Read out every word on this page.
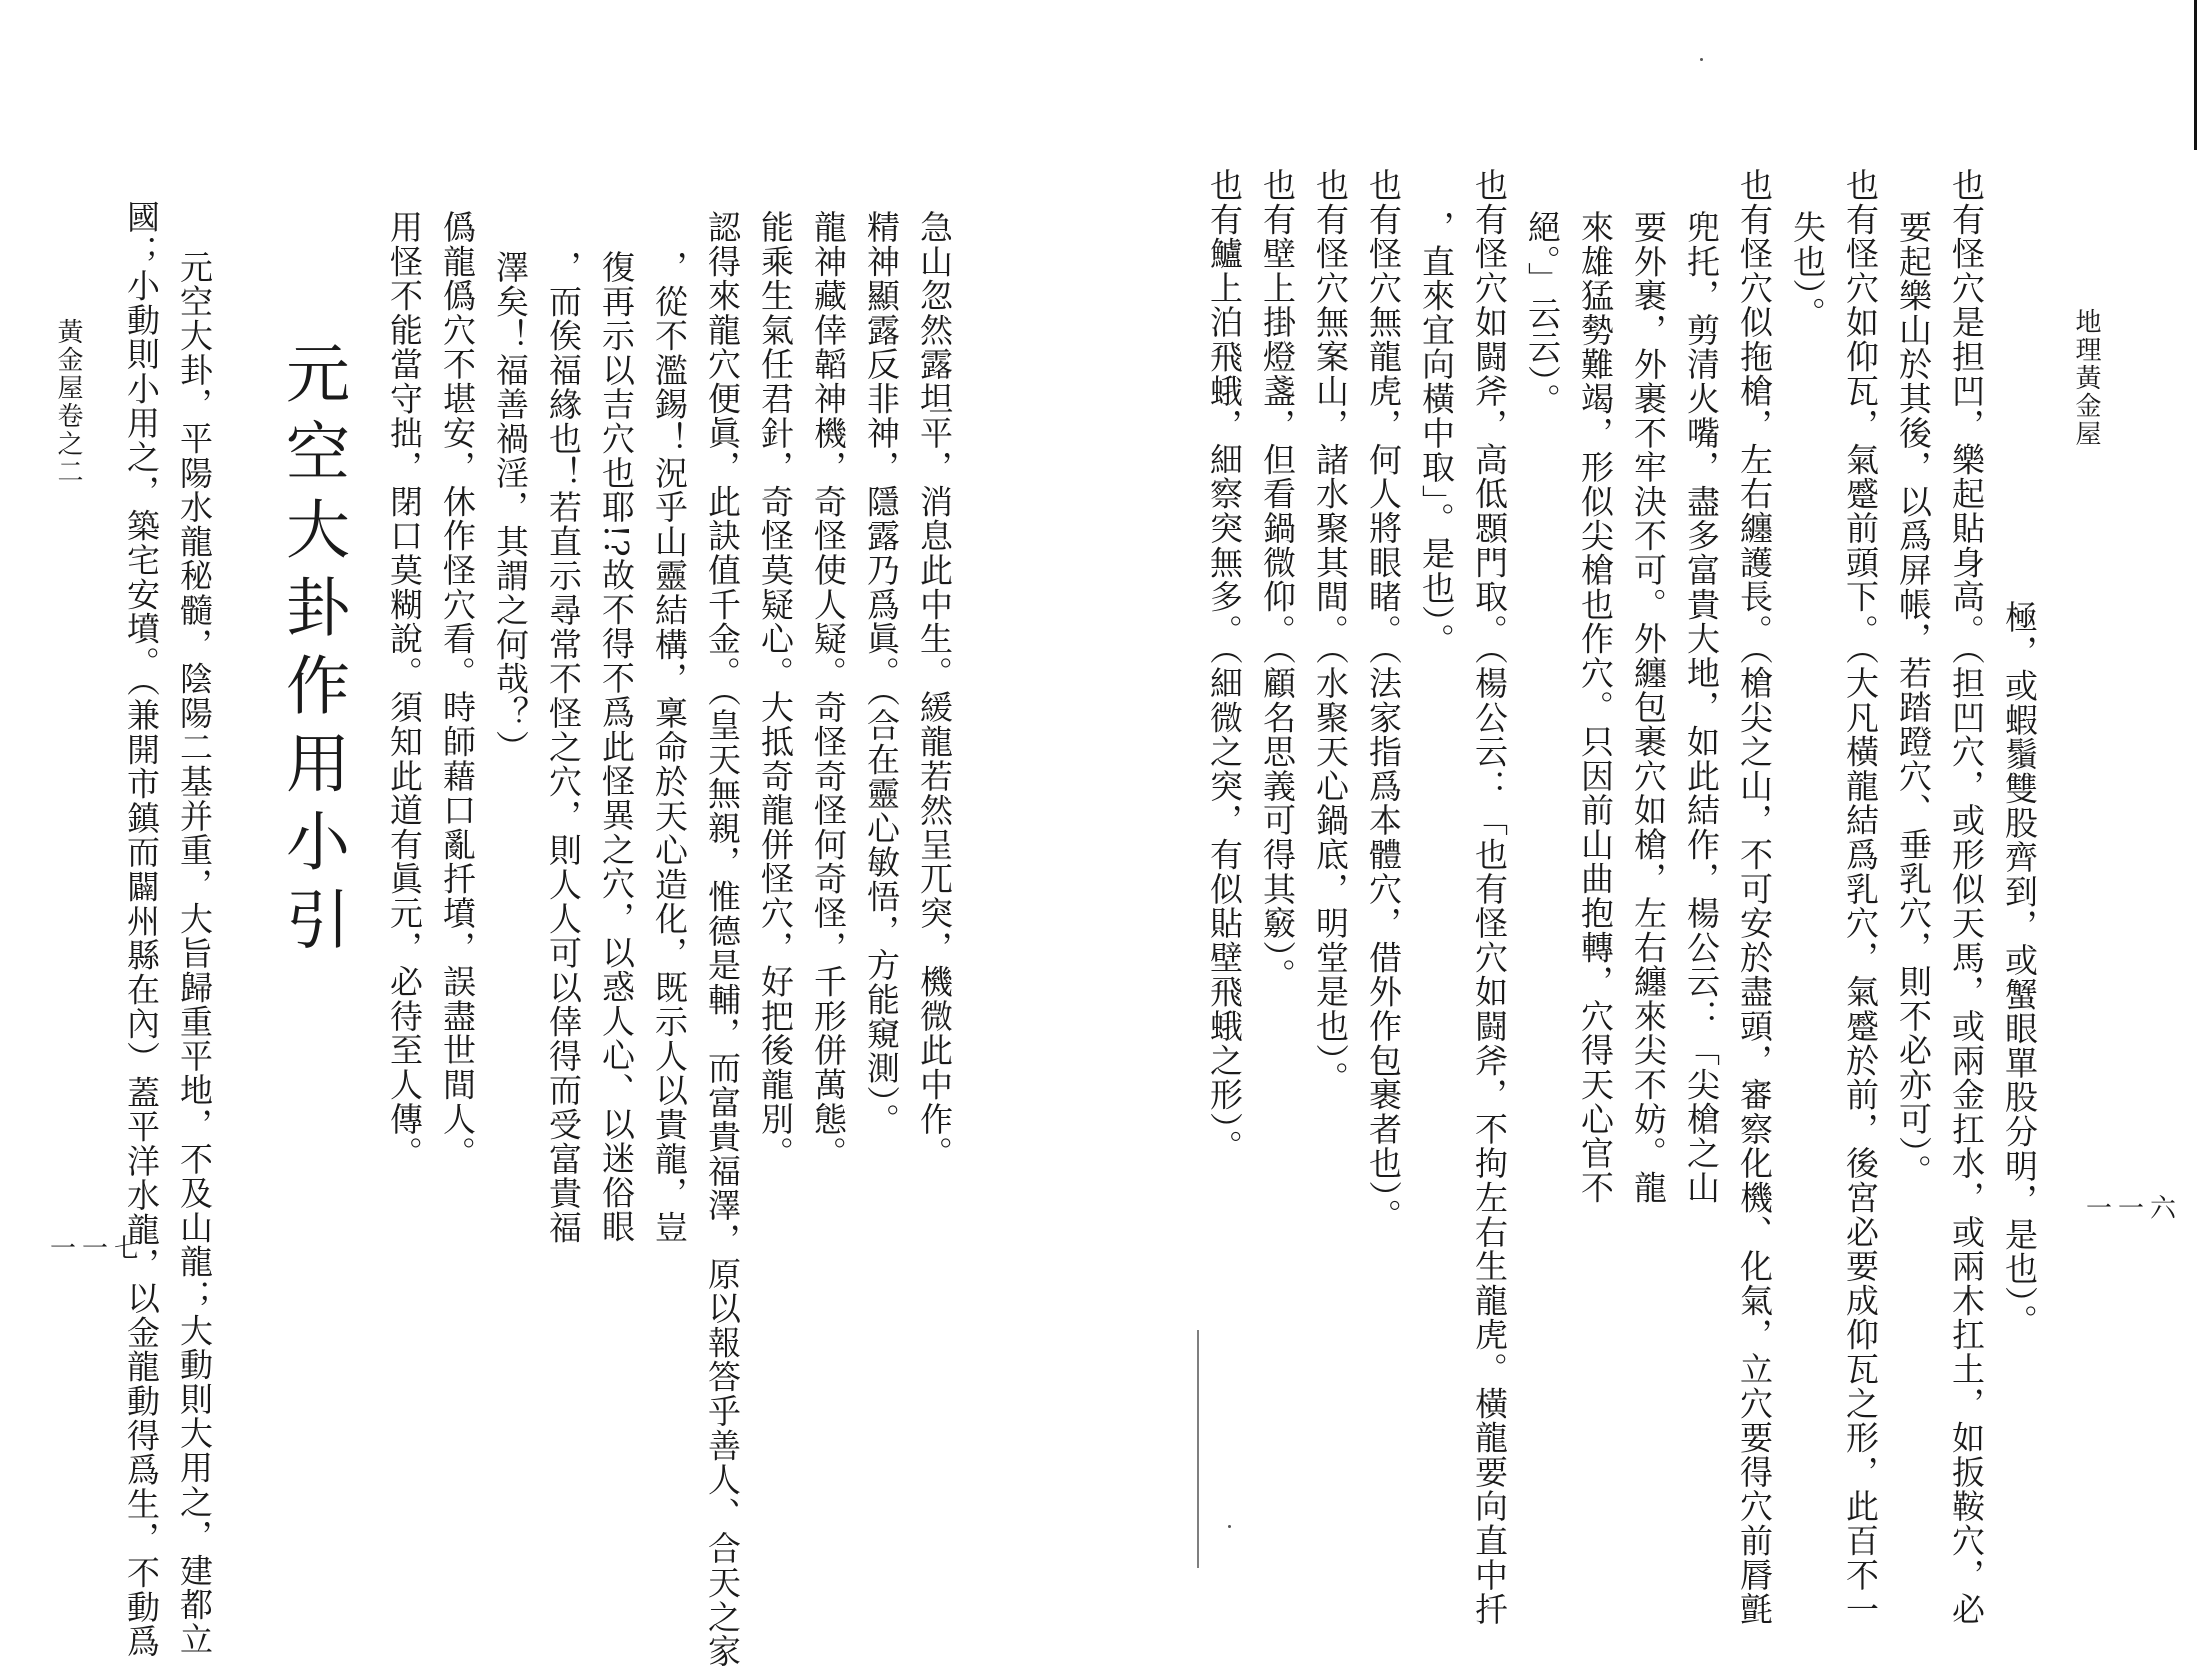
地理黃金屋
一一六
極，或蝦鬚雙股齊到，或蟹眼單股分明，是也）。
也有怪穴是担凹，樂起貼身高。（担凹穴，或形似天馬，或兩金扛水，或兩木扛土，如扳鞍穴，必
要起樂山於其後，以爲屏帳，若踏蹬穴、垂乳穴，則不必亦可）。
也有怪穴如仰瓦，氣蹙前頭下。（大凡橫龍結爲乳穴，氣蹙於前，後宮必要成仰瓦之形，此百不一
失也）。
也有怪穴似拖槍，左右纏護長。（槍尖之山，不可安於盡頭，審察化機、化氣，立穴要得穴前脣氈
兜托，剪清火嘴，盡多富貴大地，如此結作，楊公云：「尖槍之山
要外裹，外裹不牢決不可。外纏包裹穴如槍，左右纏來尖不妨。龍
來雄猛勢難竭，形似尖槍也作穴。只因前山曲抱轉，穴得天心官不
絕。」云云）。
也有怪穴如闘斧，高低顋門取。（楊公云：「也有怪穴如闘斧，不拘左右生龍虎。橫龍要向直中扦
，直來宜向橫中取」。是也）。
也有怪穴無龍虎，何人將眼睹。（法家指爲本體穴，借外作包裹者也）。
也有怪穴無案山，諸水聚其間。（水聚天心鍋底，明堂是也）。
也有壁上掛燈盞，但看鍋微仰。（顧名思義可得其竅）。
也有鱸上泊飛蛾，細察突無多。（細微之突，有似貼壁飛蛾之形）。
急山忽然露坦平，消息此中生。緩龍若然呈兀突，機微此中作。
精神顯露反非神，隱露乃爲眞。（合在靈心敏悟，方能窺測）。
龍神藏倖韜神機，奇怪使人疑。奇怪奇怪何奇怪，千形併萬態。
能乘生氣任君針，奇怪莫疑心。大抵奇龍併怪穴，好把後龍別。
認得來龍穴便眞，此訣值千金。（皇天無親，惟德是輔，而富貴福澤，原以報答乎善人、合天之家
，從不濫錫！況乎山靈結構，稟命於天心造化，既示人以貴龍，豈
復再示以吉穴也耶!?故不得不爲此怪異之穴，以惑人心、以迷俗眼
，而俟福緣也！若直示尋常不怪之穴，則人人可以倖得而受富貴福
澤矣！福善禍淫，其謂之何哉？）
僞龍僞穴不堪安，休作怪穴看。時師藉口亂扦墳，誤盡世間人。
用怪不能當守拙，閉口莫糊說。須知此道有眞元，必待至人傳。
元空大卦作用小引
元空大卦，平陽水龍秘髓，陰陽二基并重，大旨歸重平地，不及山龍；大動則大用之，建都立
國；小動則小用之，築宅安墳。（兼開市鎮而闢州縣在內）蓋平洋水龍，以金龍動得爲生，不動爲
黃金屋卷之二
一一七
